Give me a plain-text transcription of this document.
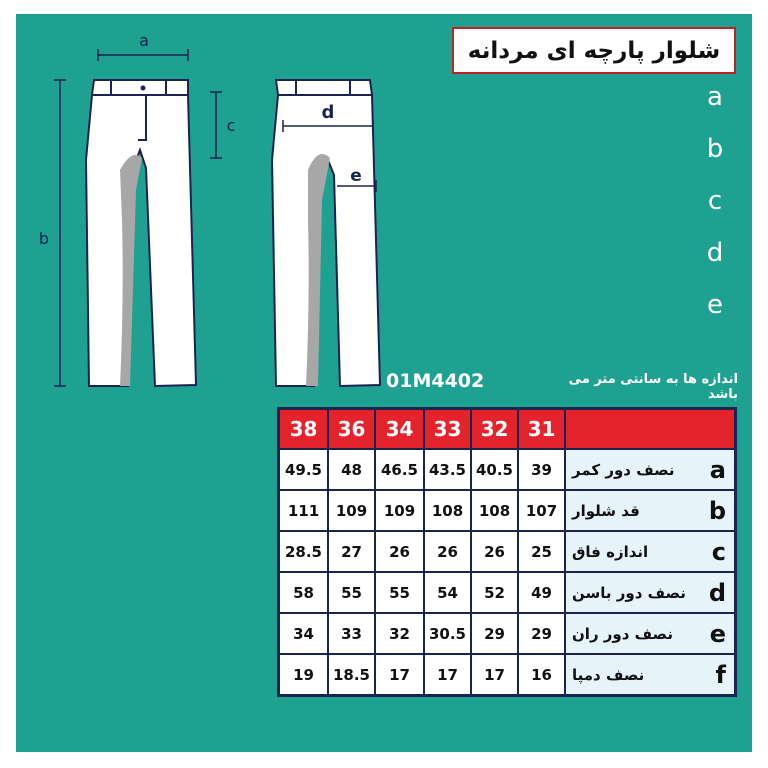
a
b
c
d
e
شلوار پارچه ای مردانه
a
b
c
d
e
01M4402	اندازه ها به سانتی متر می باشد
38	36	34	33	32	31	
49.5	48	46.5	43.5	40.5	39	نصف دور کمر a

111	109	109	108	108	107	قد شلوار b

28.5	27	26	26	26	25	اندازه فاق c

58	55	55	54	52	49	نصف دور باسن d

34	33	32	30.5	29	29	نصف دور ران e

19	18.5	17	17	17	16	نصف دمپا f
